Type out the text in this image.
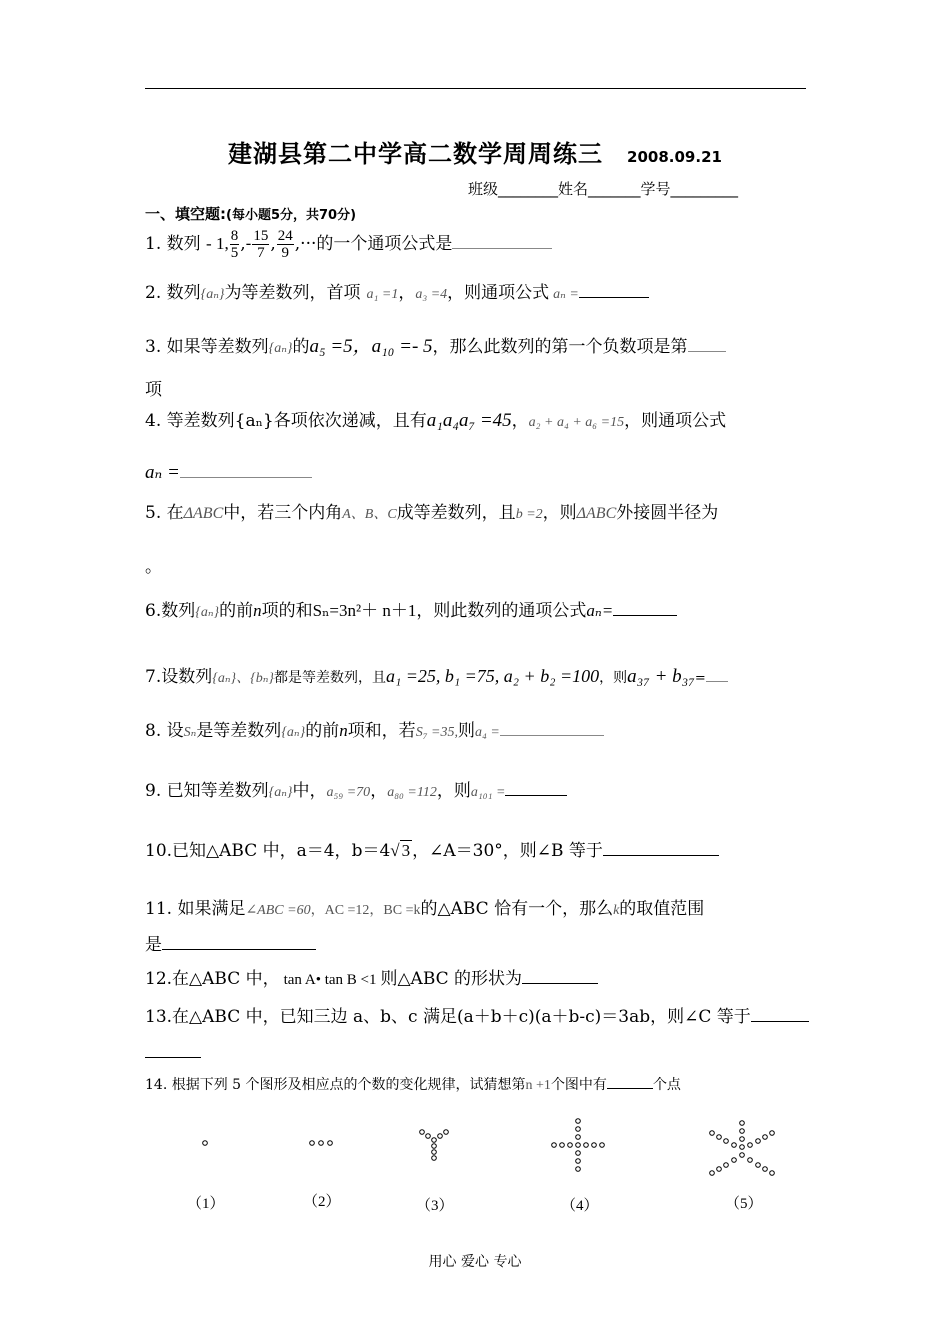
建湖县第二中学高二数学周周练三 2008.09.21
班级________姓名_______学号_________
一、填空题:(每小题5分，共70分)
1. 数列 - 1, $\frac{8}{5}$ ,- $\frac{15}{7}$ , $\frac{24}{9}$ ,···的一个通项公式是
2. 数列{aₙ}为等差数列，首项 a₁ =1，a₃ =4，则通项公式 aₙ =
3. 如果等差数列{aₙ}的a₅ =5，a₁₀ =- 5，那么此数列的第一个负数项是第
项
4. 等差数列{aₙ}各项依次递减，且有a₁a₄a₇ =45，a₂ + a₄ + a₆ =15，则通项公式
aₙ =
5. 在ΔABC中，若三个内角A、B、C成等差数列，且b =2，则ΔABC外接圆半径为
。
6.数列{aₙ}的前n项的和Sₙ=3n²＋ n＋1，则此数列的通项公式aₙ=
7.设数列{aₙ}、{bₙ}都是等差数列，且a₁ =25, b₁ =75, a₂ + b₂ =100，则a₃₇ + b₃₇=
8. 设Sₙ是等差数列{aₙ}的前n项和，若S₇ =35,则a₄ =
9. 已知等差数列{aₙ}中，a₅₉ =70，a₈₀ =112，则a₁₀₁ =
10.已知△ABC 中，a＝4，b＝4√ 3 ，∠A＝30°，则∠B 等于
11. 如果满足∠ABC =60，AC =12，BC =k的△ABC 恰有一个，那么k的取值范围
是
12.在△ABC 中， tan A• tan B <1 则△ABC 的形状为
13.在△ABC 中，已知三边 a、b、c 满足(a＋b＋c)(a＋b-c)＝3ab，则∠C 等于
14. 根据下列 5 个图形及相应点的个数的变化规律，试猜想第n +1个图中有	个点
（1）	（2）	（3）	（4）	（5）
用心 爱心 专心
